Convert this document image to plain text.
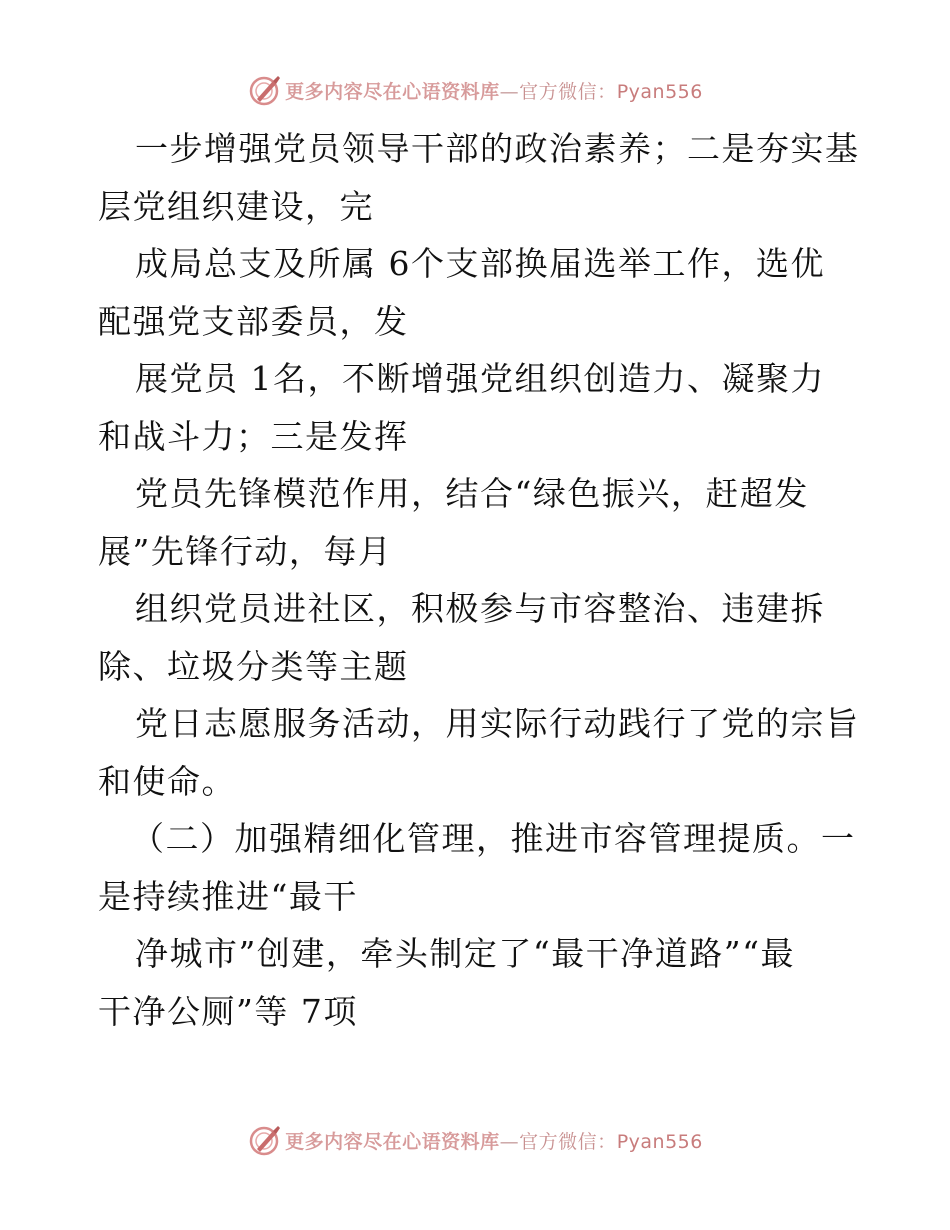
更多内容尽在心语资料库—官方微信：Pyan556
一步增强党员领导干部的政治素养；二是夯实基
层党组织建设，完
成局总支及所属 6个支部换届选举工作，选优
配强党支部委员，发
展党员 1名，不断增强党组织创造力、凝聚力
和战斗力；三是发挥
党员先锋模范作用，结合“绿色振兴，赶超发
展”先锋行动，每月
组织党员进社区，积极参与市容整治、违建拆
除、垃圾分类等主题
党日志愿服务活动，用实际行动践行了党的宗旨
和使命。
（二）加强精细化管理，推进市容管理提质。一
是持续推进“最干
净城市”创建，牵头制定了“最干净道路”“最
干净公厕”等 7项
更多内容尽在心语资料库—官方微信：Pyan556
